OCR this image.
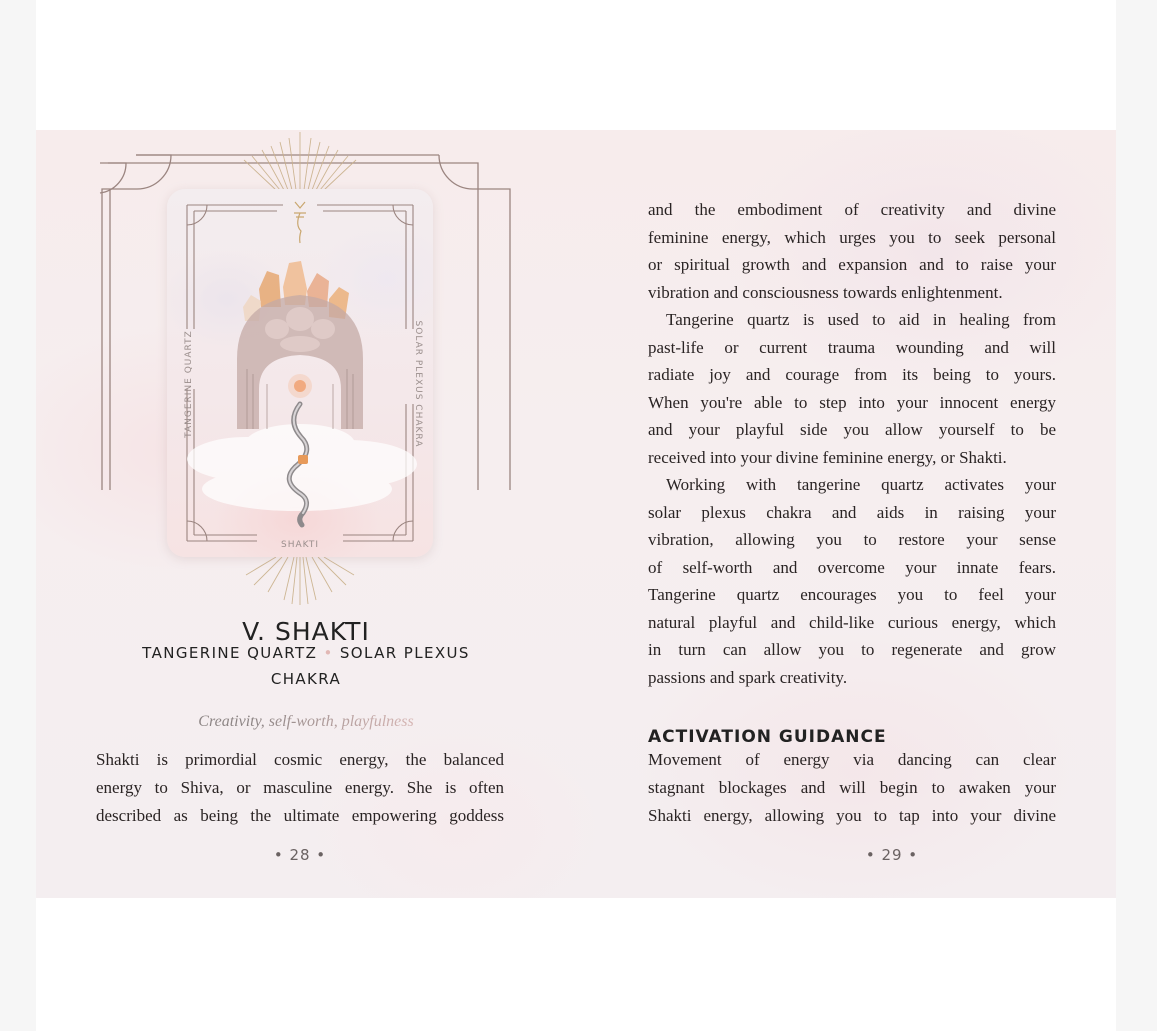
TANGERINE QUARTZ	SOLAR PLEXUS CHAKRA
SHAKTI
V. SHAKTI
TANGERINE QUARTZ • SOLAR PLEXUS
CHAKRA
Creativity, self-worth, playfulness

Shakti is primordial cosmic energy, the balanced

energy to Shiva, or masculine energy. She is often

described as being the ultimate empowering goddess

• 28 •
and the embodiment of creativity and divine
feminine energy, which urges you to seek personal
or spiritual growth and expansion and to raise your
vibration and consciousness towards enlightenment.
Tangerine quartz is used to aid in healing from
past-life or current trauma wounding and will
radiate joy and courage from its being to yours.
When you're able to step into your innocent energy
and your playful side you allow yourself to be
received into your divine feminine energy, or Shakti.
Working with tangerine quartz activates your
solar plexus chakra and aids in raising your
vibration, allowing you to restore your sense
of self-worth and overcome your innate fears.
Tangerine quartz encourages you to feel your
natural playful and child-like curious energy, which
in turn can allow you to regenerate and grow
passions and spark creativity.
ACTIVATION GUIDANCE
Movement of energy via dancing can clear
stagnant blockages and will begin to awaken your
Shakti energy, allowing you to tap into your divine
• 29 •
